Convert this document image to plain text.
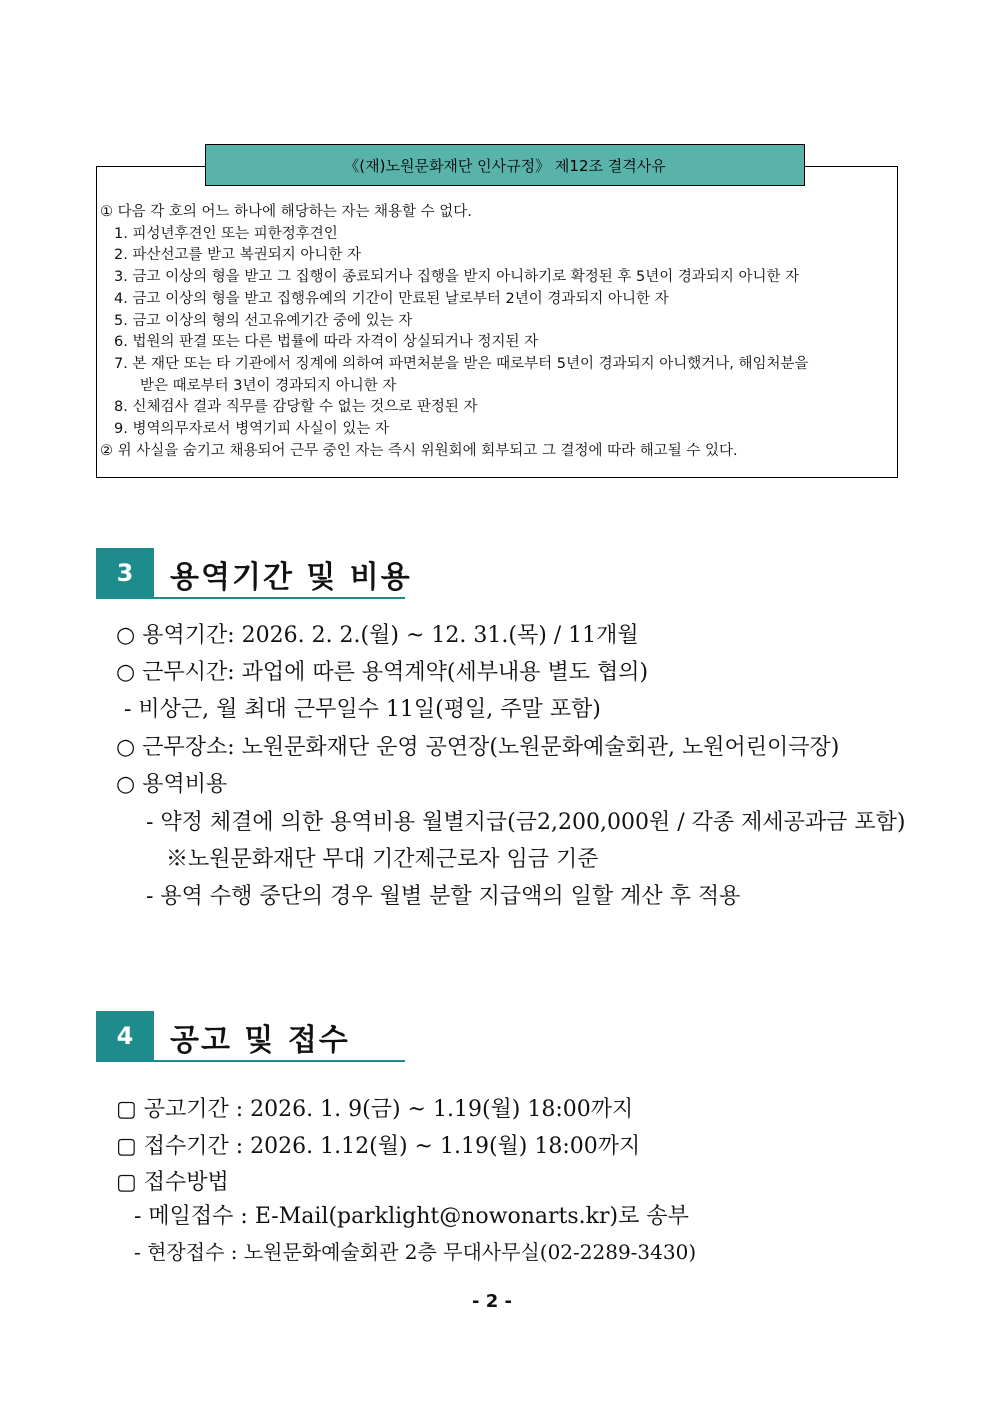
《(재)노원문화재단 인사규정》 제12조 결격사유
① 다음 각 호의 어느 하나에 해당하는 자는 채용할 수 없다.
1. 피성년후견인 또는 피한정후견인
2. 파산선고를 받고 복권되지 아니한 자
3. 금고 이상의 형을 받고 그 집행이 종료되거나 집행을 받지 아니하기로 확정된 후 5년이 경과되지 아니한 자
4. 금고 이상의 형을 받고 집행유예의 기간이 만료된 날로부터 2년이 경과되지 아니한 자
5. 금고 이상의 형의 선고유예기간 중에 있는 자
6. 법원의 판결 또는 다른 법률에 따라 자격이 상실되거나 정지된 자
7. 본 재단 또는 타 기관에서 징계에 의하여 파면처분을 받은 때로부터 5년이 경과되지 아니했거나, 해임처분을
받은 때로부터 3년이 경과되지 아니한 자
8. 신체검사 결과 직무를 감당할 수 없는 것으로 판정된 자
9. 병역의무자로서 병역기피 사실이 있는 자
② 위 사실을 숨기고 채용되어 근무 중인 자는 즉시 위원회에 회부되고 그 결정에 따라 해고될 수 있다.
3	용역기간 및 비용
○ 용역기간: 2026. 2. 2.(월) ~ 12. 31.(목) / 11개월
○ 근무시간: 과업에 따른 용역계약(세부내용 별도 협의)
- 비상근, 월 최대 근무일수 11일(평일, 주말 포함)
○ 근무장소: 노원문화재단 운영 공연장(노원문화예술회관, 노원어린이극장)
○ 용역비용
- 약정 체결에 의한 용역비용 월별지급(금2,200,000원 / 각종 제세공과금 포함)
※노원문화재단 무대 기간제근로자 임금 기준
- 용역 수행 중단의 경우 월별 분할 지급액의 일할 계산 후 적용
4	공고 및 접수
▢ 공고기간 : 2026. 1. 9(금) ~ 1.19(월) 18:00까지
▢ 접수기간 : 2026. 1.12(월) ~ 1.19(월) 18:00까지
▢ 접수방법
- 메일접수 : E-Mail(parklight@nowonarts.kr)로 송부
- 현장접수 : 노원문화예술회관 2층 무대사무실(02-2289-3430)
- 2 -
